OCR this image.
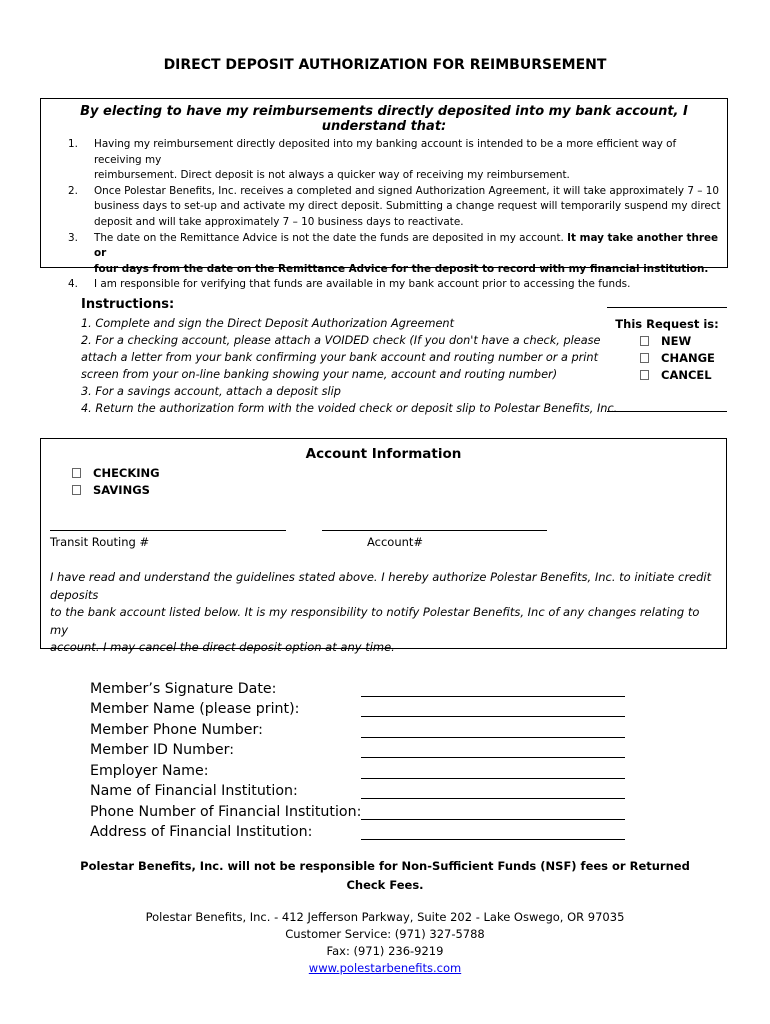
DIRECT DEPOSIT AUTHORIZATION FOR REIMBURSEMENT
By electing to have my reimbursements directly deposited into my bank account, I understand that:
1. Having my reimbursement directly deposited into my banking account is intended to be a more efficient way of receiving my
reimbursement. Direct deposit is not always a quicker way of receiving my reimbursement.
2. Once Polestar Benefits, Inc. receives a completed and signed Authorization Agreement, it will take approximately 7 – 10
business days to set-up and activate my direct deposit. Submitting a change request will temporarily suspend my direct
deposit and will take approximately 7 – 10 business days to reactivate.
3. The date on the Remittance Advice is not the date the funds are deposited in my account. It may take another three or
four days from the date on the Remittance Advice for the deposit to record with my financial institution.
4. I am responsible for verifying that funds are available in my bank account prior to accessing the funds.
Instructions:
1. Complete and sign the Direct Deposit Authorization Agreement
2. For a checking account, please attach a VOIDED check (If you don't have a check, please
attach a letter from your bank confirming your bank account and routing number or a print
screen from your on-line banking showing your name, account and routing number)
3. For a savings account, attach a deposit slip
4. Return the authorization form with the voided check or deposit slip to Polestar Benefits, Inc.
This Request is:
NEW
CHANGE
CANCEL
Account Information
CHECKING
SAVINGS
Transit Routing #	Account#
I have read and understand the guidelines stated above. I hereby authorize Polestar Benefits, Inc. to initiate credit deposits
to the bank account listed below. It is my responsibility to notify Polestar Benefits, Inc of any changes relating to my
account. I may cancel the direct deposit option at any time.
Member’s Signature Date:
Member Name (please print):
Member Phone Number:
Member ID Number:
Employer Name:
Name of Financial Institution:
Phone Number of Financial Institution:
Address of Financial Institution:
Polestar Benefits, Inc. will not be responsible for Non-Sufficient Funds (NSF) fees or Returned
Check Fees.
Polestar Benefits, Inc. - 412 Jefferson Parkway, Suite 202 - Lake Oswego, OR 97035
Customer Service: (971) 327-5788
Fax: (971) 236-9219
www.polestarbenefits.com
